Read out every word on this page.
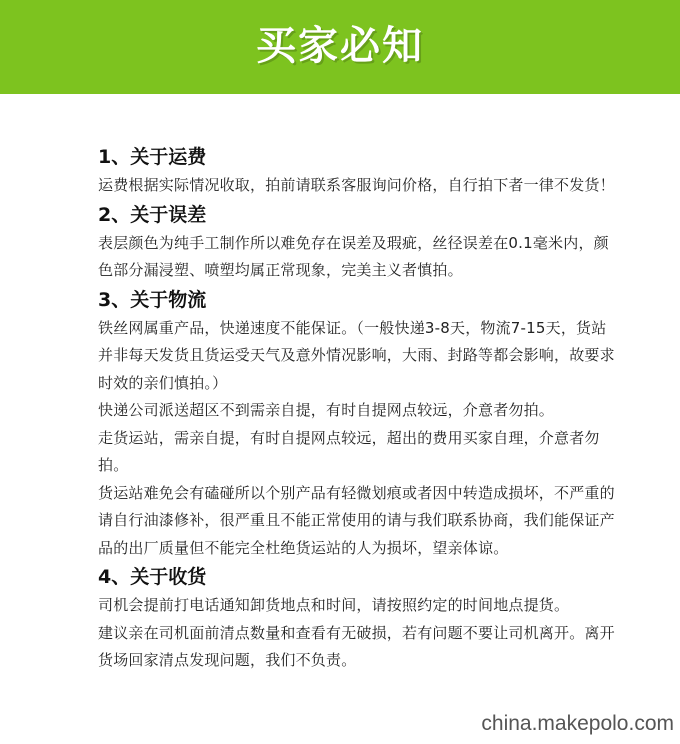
买家必知
1、关于运费
运费根据实际情况收取，拍前请联系客服询问价格，自行拍下者一律不发货！
2、关于误差
表层颜色为纯手工制作所以难免存在误差及瑕疵，丝径误差在0.1毫米内，颜色部分漏浸塑、喷塑均属正常现象，完美主义者慎拍。
3、关于物流
铁丝网属重产品，快递速度不能保证。（一般快递3-8天，物流7-15天，货站并非每天发货且货运受天气及意外情况影响，大雨、封路等都会影响，故要求时效的亲们慎拍。）
快递公司派送超区不到需亲自提，有时自提网点较远，介意者勿拍。
走货运站，需亲自提，有时自提网点较远，超出的费用买家自理，介意者勿拍。
货运站难免会有磕碰所以个别产品有轻微划痕或者因中转造成损坏，不严重的请自行油漆修补，很严重且不能正常使用的请与我们联系协商，我们能保证产品的出厂质量但不能完全杜绝货运站的人为损坏，望亲体谅。
4、关于收货
司机会提前打电话通知卸货地点和时间，请按照约定的时间地点提货。
建议亲在司机面前清点数量和查看有无破损，若有问题不要让司机离开。离开货场回家清点发现问题，我们不负责。
china.makepolo.com
